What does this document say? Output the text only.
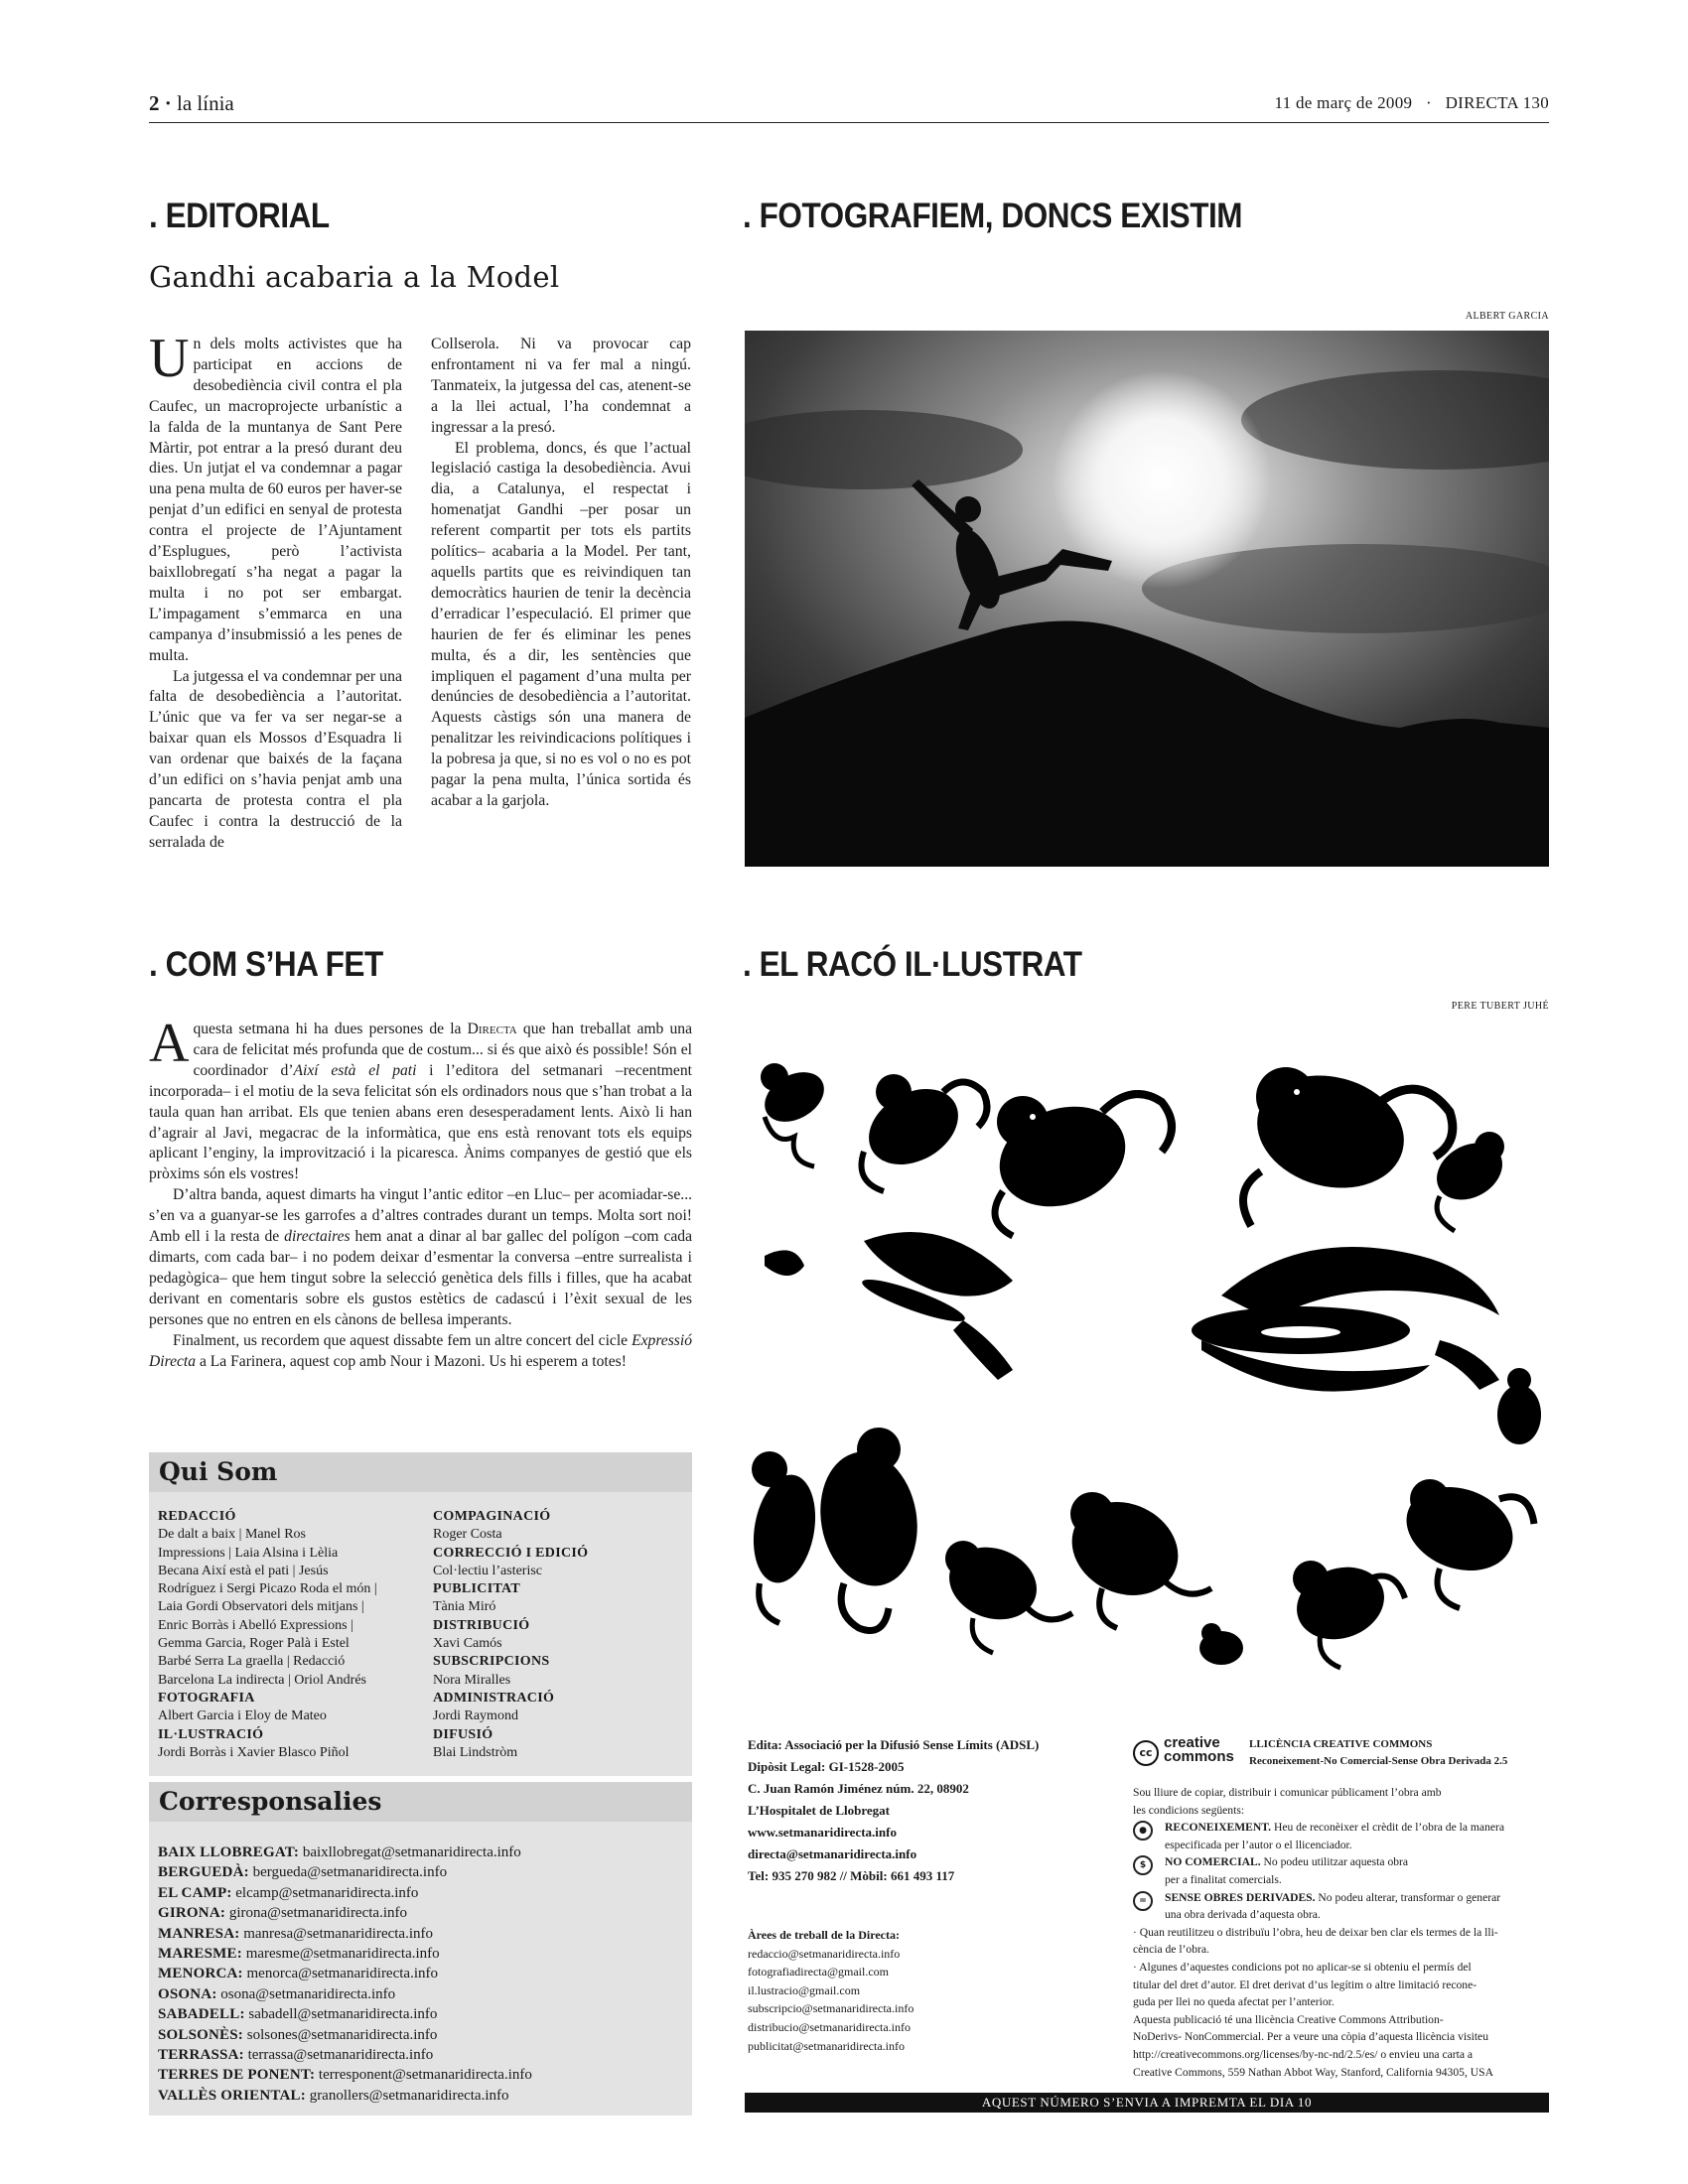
2 · la línia	11 de març de 2009 · DIRECTA 130
. EDITORIAL
Gandhi acabaria a la Model

Un dels molts activistes que ha participat en accions de desobediència civil contra el pla Caufec, un macroprojecte urbanístic a la falda de la muntanya de Sant Pere Màrtir, pot entrar a la presó durant deu dies. Un jutjat el va condemnar a pagar una pena multa de 60 euros per haver-se penjat d’un edifici en senyal de protesta contra el projecte de l’Ajuntament d’Esplugues, però l’activista baixllobregatí s’ha negat a pagar la multa i no pot ser embargat. L’impagament s’emmarca en una campanya d’insubmissió a les penes de multa.

La jutgessa el va condemnar per una falta de desobediència a l’autoritat. L’únic que va fer va ser negar-se a baixar quan els Mossos d’Esquadra li van ordenar que baixés de la façana d’un edifici on s’havia penjat amb una pancarta de protesta contra el pla Caufec i contra la destrucció de la serralada de

Collserola. Ni va provocar cap enfrontament ni va fer mal a ningú. Tanmateix, la jutgessa del cas, atenent-se a la llei actual, l’ha condemnat a ingressar a la presó.

El problema, doncs, és que l’actual legislació castiga la desobediència. Avui dia, a Catalunya, el respectat i homenatjat Gandhi –per posar un referent compartit per tots els partits polítics– acabaria a la Model. Per tant, aquells partits que es reivindiquen tan democràtics haurien de tenir la decència d’erradicar l’especulació. El primer que haurien de fer és eliminar les penes multa, és a dir, les sentències que impliquen el pagament d’una multa per denúncies de desobediència a l’autoritat. Aquests càstigs són una manera de penalitzar les reivindicacions polítiques i la pobresa ja que, si no es vol o no es pot pagar la pena multa, l’única sortida és acabar a la garjola.

. FOTOGRAFIEM, DONCS EXISTIM
ALBERT GARCIA
. COM S’HA FET

Aquesta setmana hi ha dues persones de la Directa que han treballat amb una cara de felicitat més profunda que de costum... si és que això és possible! Són el coordinador d’Així està el pati i l’editora del setmanari –recentment incorporada– i el motiu de la seva felicitat són els ordinadors nous que s’han trobat a la taula quan han arribat. Els que tenien abans eren desesperadament lents. Això li han d’agrair al Javi, megacrac de la informàtica, que ens està renovant tots els equips aplicant l’enginy, la improvització i la picaresca. Ànims companyes de gestió que els pròxims són els vostres!

D’altra banda, aquest dimarts ha vingut l’antic editor –en Lluc– per acomiadar-se... s’en va a guanyar-se les garrofes a d’altres contrades durant un temps. Molta sort noi! Amb ell i la resta de directaires hem anat a dinar al bar gallec del polígon –com cada dimarts, com cada bar– i no podem deixar d’esmentar la conversa –entre surrealista i pedagògica– que hem tingut sobre la selecció genètica dels fills i filles, que ha acabat derivant en comentaris sobre els gustos estètics de cadascú i l’èxit sexual de les persones que no entren en els cànons de bellesa imperants.

Finalment, us recordem que aquest dissabte fem un altre concert del cicle Expressió Directa a La Farinera, aquest cop amb Nour i Mazoni. Us hi esperem a totes!

Qui Som
REDACCIÓ
De dalt a baix | Manel Ros
Impressions | Laia Alsina i Lèlia
Becana Així està el pati | Jesús
Rodríguez i Sergi Picazo Roda el món |
Laia Gordi Observatori dels mitjans |
Enric Borràs i Abelló Expressions |
Gemma Garcia, Roger Palà i Estel
Barbé Serra La graella | Redacció
Barcelona La indirecta | Oriol Andrés
FOTOGRAFIA
Albert Garcia i Eloy de Mateo
IL·LUSTRACIÓ
Jordi Borràs i Xavier Blasco Piñol
COMPAGINACIÓ
Roger Costa
CORRECCIÓ I EDICIÓ
Col·lectiu l’asterisc
PUBLICITAT
Tània Miró
DISTRIBUCIÓ
Xavi Camós
SUBSCRIPCIONS
Nora Miralles
ADMINISTRACIÓ
Jordi Raymond
DIFUSIÓ
Blai Lindstròm
Corresponsalies
BAIX LLOBREGAT: baixllobregat@setmanaridirecta.info
BERGUEDÀ: bergueda@setmanaridirecta.info
EL CAMP: elcamp@setmanaridirecta.info
GIRONA: girona@setmanaridirecta.info
MANRESA: manresa@setmanaridirecta.info
MARESME: maresme@setmanaridirecta.info
MENORCA: menorca@setmanaridirecta.info
OSONA: osona@setmanaridirecta.info
SABADELL: sabadell@setmanaridirecta.info
SOLSONÈS: solsones@setmanaridirecta.info
TERRASSA: terrassa@setmanaridirecta.info
TERRES DE PONENT: terresponent@setmanaridirecta.info
VALLÈS ORIENTAL: granollers@setmanaridirecta.info
. EL RACÓ IL·LUSTRAT
PERE TUBERT JUHÉ
Edita: Associació per la Difusió Sense Límits (ADSL)
Dipòsit Legal: GI-1528-2005
C. Juan Ramón Jiménez núm. 22, 08902
L’Hospitalet de Llobregat
www.setmanaridirecta.info
directa@setmanaridirecta.info
Tel: 935 270 982 // Mòbil: 661 493 117
Àrees de treball de la Directa:
redaccio@setmanaridirecta.info
fotografiadirecta@gmail.com
il.lustracio@gmail.com
subscripcio@setmanaridirecta.info
distribucio@setmanaridirecta.info
publicitat@setmanaridirecta.info
cc
creative
commons
LLICÈNCIA CREATIVE COMMONS
Reconeixement-No Comercial-Sense Obra Derivada 2.5
Sou lliure de copiar, distribuir i comunicar públicament l’obra amb
les condicions següents:
●	RECONEIXEMENT. Heu de reconèixer el crèdit de l’obra de la manera
especificada per l’autor o el llicenciador.
$	NO COMERCIAL. No podeu utilitzar aquesta obra
per a finalitat comercials.
=	SENSE OBRES DERIVADES. No podeu alterar, transformar o generar
una obra derivada d’aquesta obra.
· Quan reutilitzeu o distribuïu l’obra, heu de deixar ben clar els termes de la lli-
cència de l’obra.
· Algunes d’aquestes condicions pot no aplicar-se si obteniu el permís del
titular del dret d’autor. El dret derivat d’us legítim o altre limitació recone-
guda per llei no queda afectat per l’anterior.
Aquesta publicació té una llicència Creative Commons Attribution-
NoDerivs- NonCommercial. Per a veure una còpia d’aquesta llicència visiteu
http://creativecommons.org/licenses/by-nc-nd/2.5/es/ o envieu una carta a
Creative Commons, 559 Nathan Abbot Way, Stanford, California 94305, USA
AQUEST NÚMERO S’ENVIA A IMPREMTA EL DIA 10
